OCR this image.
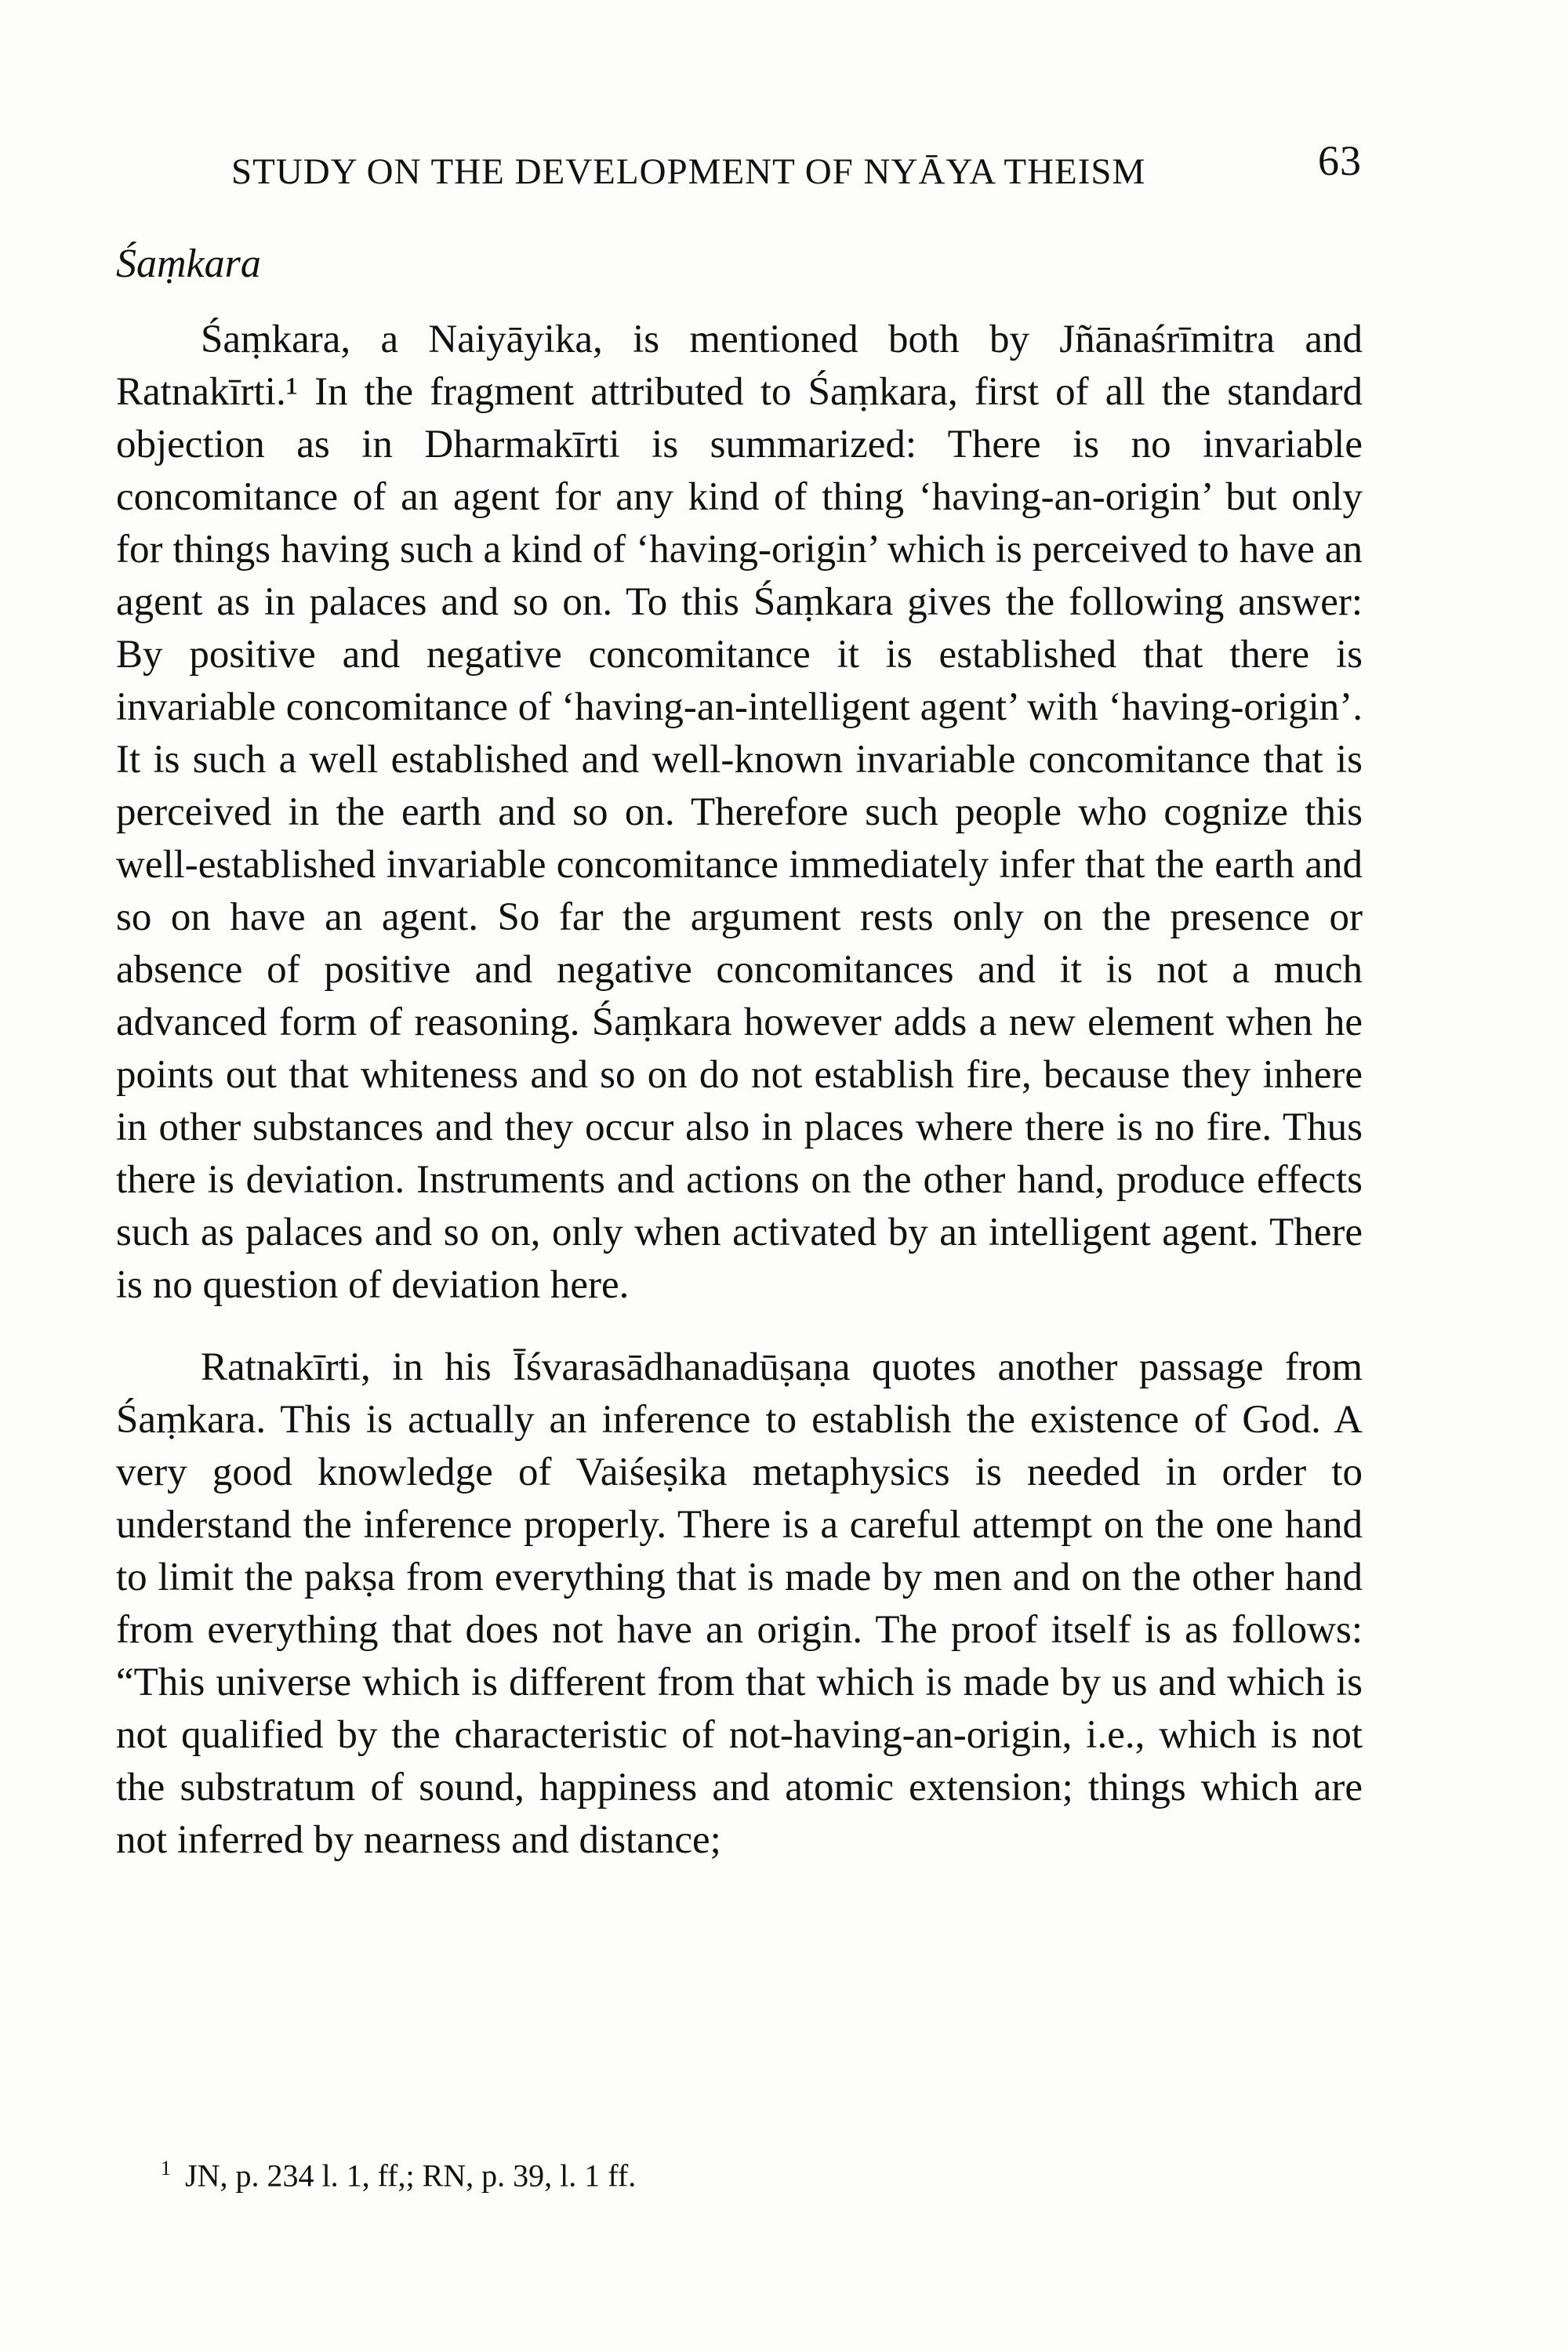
STUDY ON THE DEVELOPMENT OF NYĀYA THEISM	63
Śaṃkara

Śaṃkara, a Naiyāyika, is mentioned both by Jñānaśrīmitra and Ratnakīrti.¹ In the fragment attributed to Śaṃkara, first of all the standard objection as in Dharmakīrti is summarized: There is no invariable concomitance of an agent for any kind of thing ‘having-an-origin’ but only for things having such a kind of ‘having-origin’ which is perceived to have an agent as in palaces and so on. To this Śaṃkara gives the following answer: By positive and negative concomitance it is established that there is invariable concomitance of ‘having-an-intelligent agent’ with ‘having-origin’. It is such a well established and well-known invariable concomitance that is perceived in the earth and so on. Therefore such people who cognize this well-established invariable concomitance immediately infer that the earth and so on have an agent. So far the argument rests only on the presence or absence of positive and negative concomitances and it is not a much advanced form of reasoning. Śaṃkara however adds a new element when he points out that whiteness and so on do not establish fire, because they inhere in other substances and they occur also in places where there is no fire. Thus there is deviation. Instruments and actions on the other hand, produce effects such as palaces and so on, only when activated by an intelligent agent. There is no question of deviation here.

Ratnakīrti, in his Īśvarasādhanadūṣaṇa quotes another passage from Śaṃkara. This is actually an inference to establish the existence of God. A very good knowledge of Vaiśeṣika metaphysics is needed in order to understand the inference properly. There is a careful attempt on the one hand to limit the pakṣa from everything that is made by men and on the other hand from everything that does not have an origin. The proof itself is as follows: “This universe which is different from that which is made by us and which is not qualified by the characteristic of not-having-an-origin, i.e., which is not the substratum of sound, happiness and atomic extension; things which are not inferred by nearness and distance;

$^1$ JN, p. 234 l. 1, ff,; RN, p. 39, l. 1 ff.
